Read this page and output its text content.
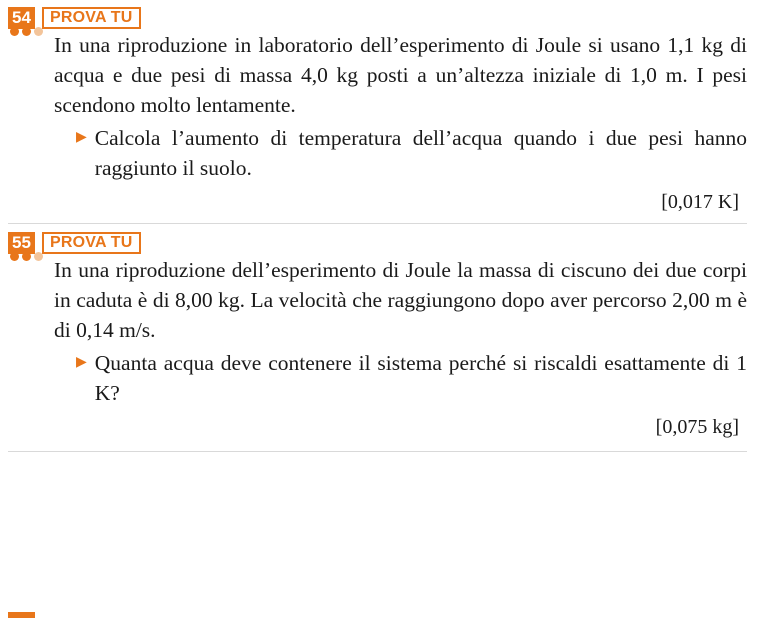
54 PROVA TU

In una riproduzione in laboratorio dell’esperimento di Joule si usano 1,1 kg di acqua e due pesi di massa 4,0 kg posti a un’altezza iniziale di 1,0 m. I pesi scendono molto lentamente.

▶ Calcola l’aumento di temperatura dell’acqua quando i due pesi hanno raggiunto il suolo.

[0,017 K]
55 PROVA TU

In una riproduzione dell’esperimento di Joule la massa di ciscuno dei due corpi in caduta è di 8,00 kg. La velocità che raggiungono dopo aver percorso 2,00 m è di 0,14 m/s.

▶ Quanta acqua deve contenere il sistema perché si riscaldi esattamente di 1 K?

[0,075 kg]
